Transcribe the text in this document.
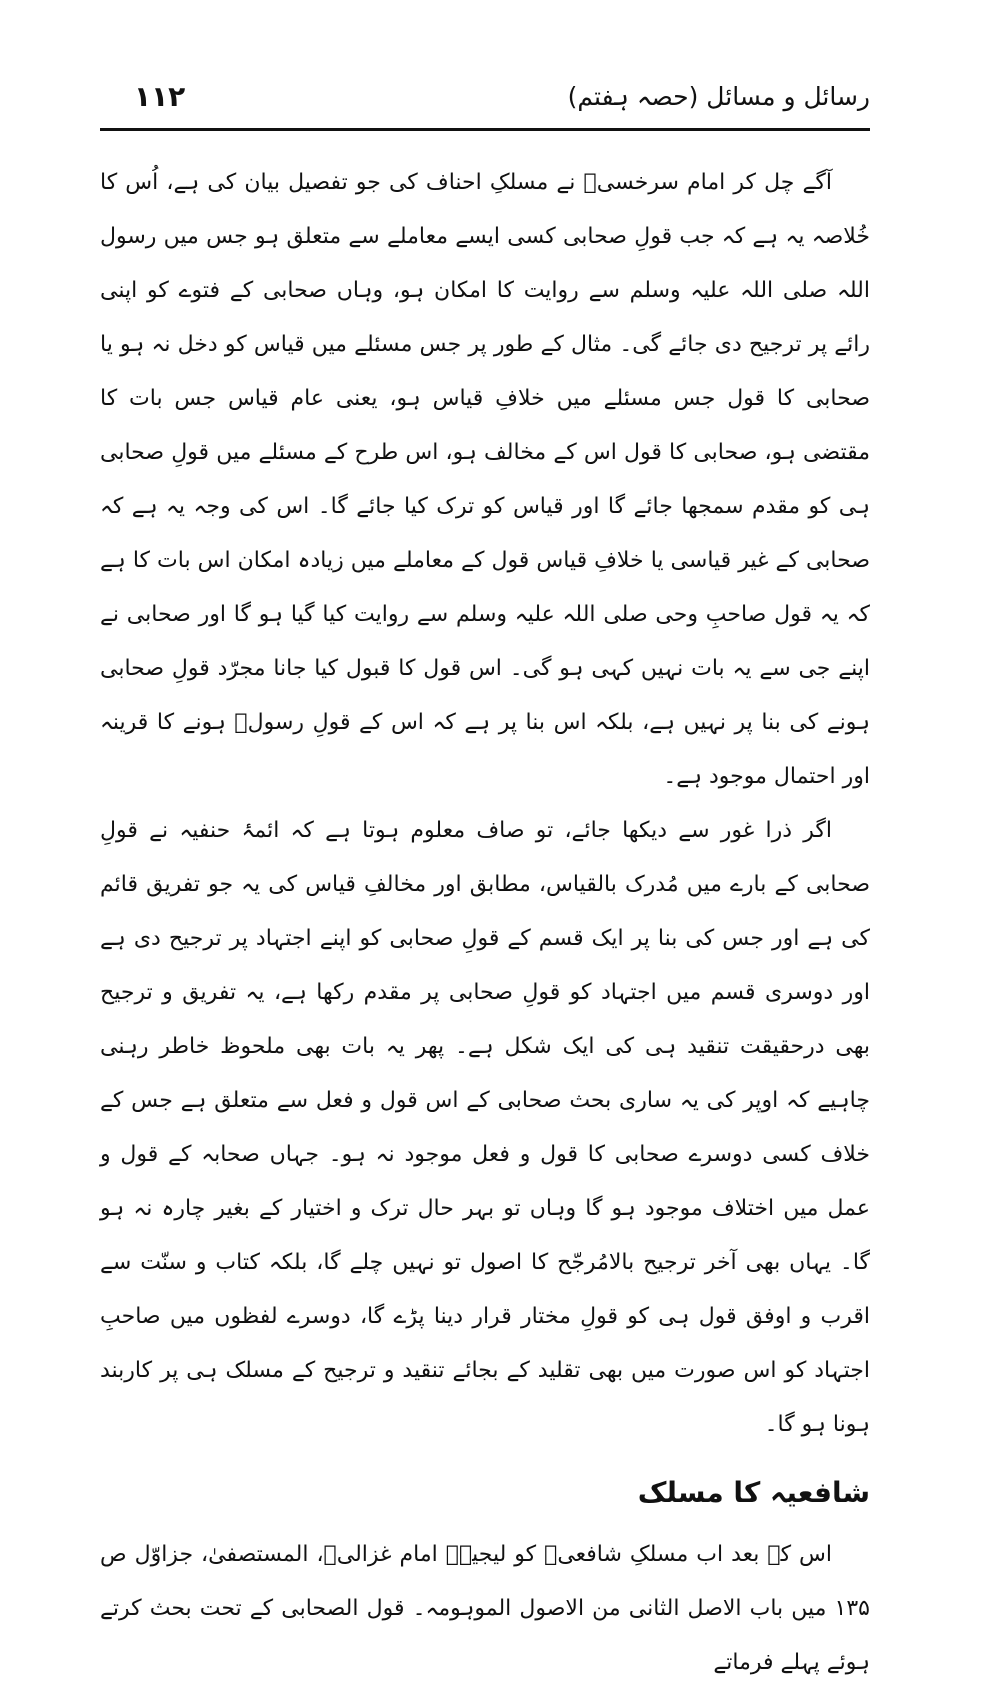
رسائل و مسائل (حصہ ہفتم)
۱۱۲

آگے چل کر امام سرخسیؒ نے مسلکِ احناف کی جو تفصیل بیان کی ہے، اُس کا خُلاصہ یہ ہے کہ جب قولِ صحابی کسی ایسے معاملے سے متعلق ہو جس میں رسول اللہ صلی اللہ علیہ وسلم سے روایت کا امکان ہو، وہاں صحابی کے فتوے کو اپنی رائے پر ترجیح دی جائے گی۔ مثال کے طور پر جس مسئلے میں قیاس کو دخل نہ ہو یا صحابی کا قول جس مسئلے میں خلافِ قیاس ہو، یعنی عام قیاس جس بات کا مقتضی ہو، صحابی کا قول اس کے مخالف ہو، اس طرح کے مسئلے میں قولِ صحابی ہی کو مقدم سمجھا جائے گا اور قیاس کو ترک کیا جائے گا۔ اس کی وجہ یہ ہے کہ صحابی کے غیر قیاسی یا خلافِ قیاس قول کے معاملے میں زیادہ امکان اس بات کا ہے کہ یہ قول صاحبِ وحی صلی اللہ علیہ وسلم سے روایت کیا گیا ہو گا اور صحابی نے اپنے جی سے یہ بات نہیں کہی ہو گی۔ اس قول کا قبول کیا جانا مجرّد قولِ صحابی ہونے کی بنا پر نہیں ہے، بلکہ اس بنا پر ہے کہ اس کے قولِ رسولؐ ہونے کا قرینہ اور احتمال موجود ہے۔

اگر ذرا غور سے دیکھا جائے، تو صاف معلوم ہوتا ہے کہ ائمۂ حنفیہ نے قولِ صحابی کے بارے میں مُدرک بالقیاس، مطابق اور مخالفِ قیاس کی یہ جو تفریق قائم کی ہے اور جس کی بنا پر ایک قسم کے قولِ صحابی کو اپنے اجتہاد پر ترجیح دی ہے اور دوسری قسم میں اجتہاد کو قولِ صحابی پر مقدم رکھا ہے، یہ تفریق و ترجیح بھی درحقیقت تنقید ہی کی ایک شکل ہے۔ پھر یہ بات بھی ملحوظ خاطر رہنی چاہیے کہ اوپر کی یہ ساری بحث صحابی کے اس قول و فعل سے متعلق ہے جس کے خلاف کسی دوسرے صحابی کا قول و فعل موجود نہ ہو۔ جہاں صحابہ کے قول و عمل میں اختلاف موجود ہو گا وہاں تو بہر حال ترک و اختیار کے بغیر چارہ نہ ہو گا۔ یہاں بھی آخر ترجیح بالامُرجّح کا اصول تو نہیں چلے گا، بلکہ کتاب و سنّت سے اقرب و اوفق قول ہی کو قولِ مختار قرار دینا پڑے گا، دوسرے لفظوں میں صاحبِ اجتہاد کو اس صورت میں بھی تقلید کے بجائے تنقید و ترجیح کے مسلک ہی پر کاربند ہونا ہو گا۔

شافعیہ کا مسلک

اس کے بعد اب مسلکِ شافعیؒ کو لیجیے۔ امام غزالیؒ، المستصفیٰ، جزاوّل ص ۱۳۵ میں باب الاصل الثانی من الاصول الموہومہ۔ قول الصحابی کے تحت بحث کرتے ہوئے پہلے فرماتے
